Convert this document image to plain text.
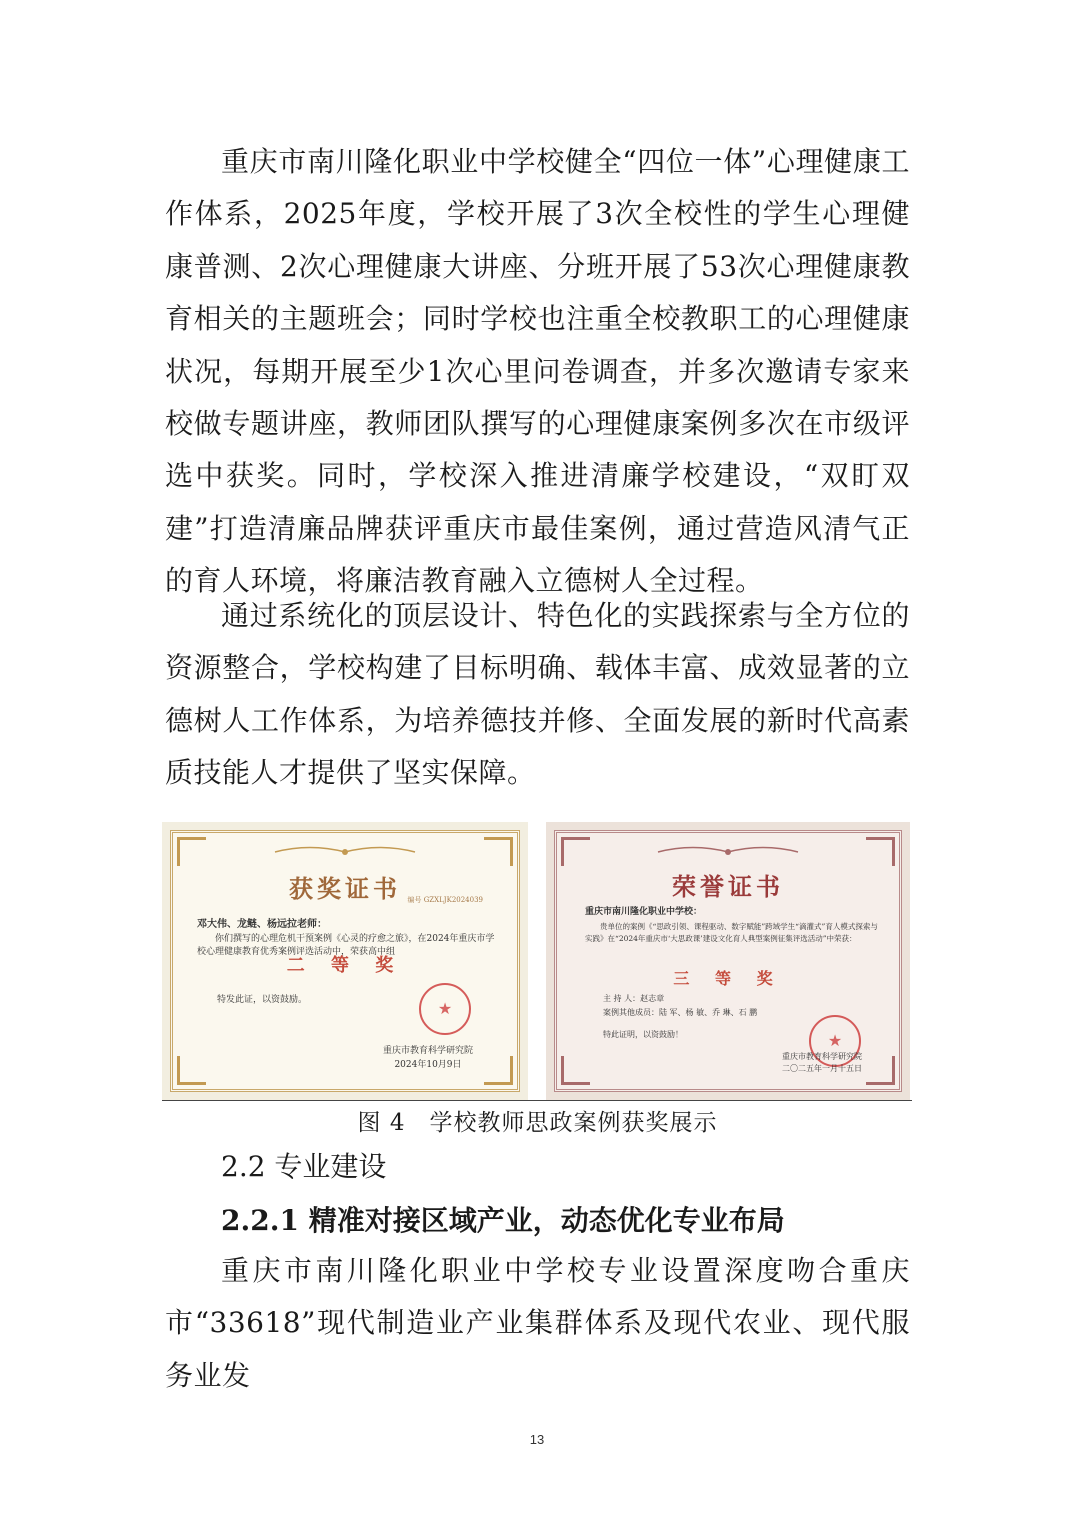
重庆市南川隆化职业中学校健全“四位一体”心理健康工作体系，2025年度，学校开展了3次全校性的学生心理健康普测、2次心理健康大讲座、分班开展了53次心理健康教育相关的主题班会；同时学校也注重全校教职工的心理健康状况，每期开展至少1次心里问卷调查，并多次邀请专家来校做专题讲座，教师团队撰写的心理健康案例多次在市级评选中获奖。同时，学校深入推进清廉学校建设，“双盯双建”打造清廉品牌获评重庆市最佳案例，通过营造风清气正的育人环境，将廉洁教育融入立德树人全过程。

通过系统化的顶层设计、特色化的实践探索与全方位的资源整合，学校构建了目标明确、载体丰富、成效显著的立德树人工作体系，为培养德技并修、全面发展的新时代高素质技能人才提供了坚实保障。

获奖证书 编号 GZXLJK2024039
邓大伟、龙鲢、杨远拉老师：
你们撰写的心理危机干预案例《心灵的疗愈之旅》，在2024年重庆市学校心理健康教育优秀案例评选活动中，荣获高中组
二 等 奖
特发此证，以资鼓励。
★
重庆市教育科学研究院
2024年10月9日
荣誉证书
重庆市南川隆化职业中学校：
贵单位的案例《“思政引领、课程驱动、数字赋能”跨域学生“滴灌式”育人模式探索与实践》在“2024年重庆市‘大思政课’建设文化育人典型案例征集评选活动”中荣获：
三 等 奖
主 持 人：赵志章
案例其他成员：陆 军、杨 敏、乔 琳、石 鹏
特此证明，以资鼓励！
★
重庆市教育科学研究院
二〇二五年一月十五日
图 4　学校教师思政案例获奖展示
2.2 专业建设
2.2.1 精准对接区域产业，动态优化专业布局

重庆市南川隆化职业中学校专业设置深度吻合重庆市“33618”现代制造业产业集群体系及现代农业、现代服务业发

13
